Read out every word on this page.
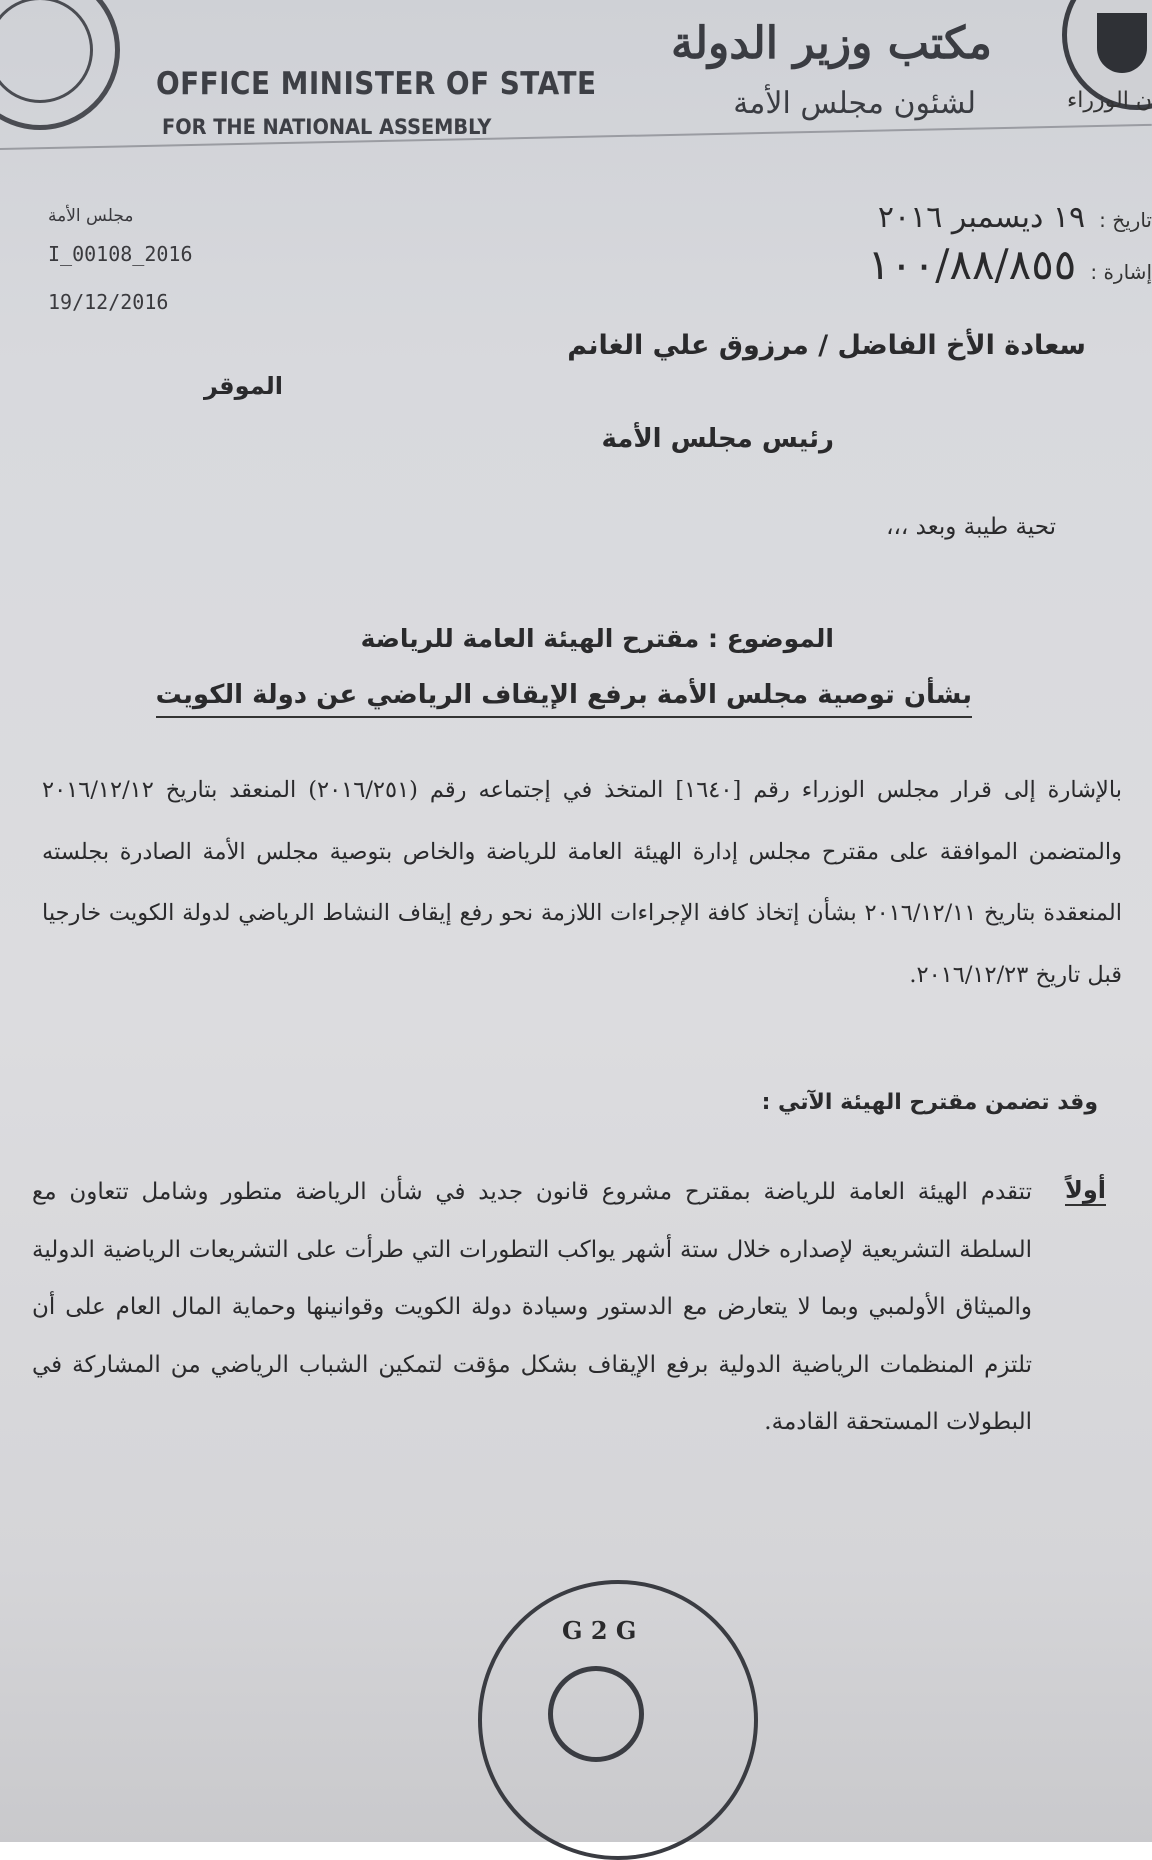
ن الوزراء
OFFICE MINISTER OF STATE
FOR THE NATIONAL ASSEMBLY
مكتب وزير الدولة
لشئون مجلس الأمة
مجلس الأمة
I_00108_2016
19/12/2016
تاريخ :١٩ ديسمبر ٢٠١٦
إشارة :١٠٠/٨٨/٨٥٥
سعادة الأخ الفاضل / مرزوق علي الغانم
الموقر
رئيس مجلس الأمة
تحية طيبة وبعد ،،،
الموضوع : مقترح الهيئة العامة للرياضة
بشأن توصية مجلس الأمة برفع الإيقاف الرياضي عن دولة الكويت
بالإشارة إلى قرار مجلس الوزراء رقم [١٦٤٠] المتخذ في إجتماعه رقم (٢٠١٦/٢٥١) المنعقد بتاريخ ٢٠١٦/١٢/١٢ والمتضمن الموافقة على مقترح مجلس إدارة الهيئة العامة للرياضة والخاص بتوصية مجلس الأمة الصادرة بجلسته المنعقدة بتاريخ ٢٠١٦/١٢/١١ بشأن إتخاذ كافة الإجراءات اللازمة نحو رفع إيقاف النشاط الرياضي لدولة الكويت خارجيا قبل تاريخ ٢٠١٦/١٢/٢٣.
وقد تضمن مقترح الهيئة الآتي :
أولاً
تتقدم الهيئة العامة للرياضة بمقترح مشروع قانون جديد في شأن الرياضة متطور وشامل تتعاون مع السلطة التشريعية لإصداره خلال ستة أشهر يواكب التطورات التي طرأت على التشريعات الرياضية الدولية والميثاق الأولمبي وبما لا يتعارض مع الدستور وسيادة دولة الكويت وقوانينها وحماية المال العام على أن تلتزم المنظمات الرياضية الدولية برفع الإيقاف بشكل مؤقت لتمكين الشباب الرياضي من المشاركة في البطولات المستحقة القادمة.
G 2 G
